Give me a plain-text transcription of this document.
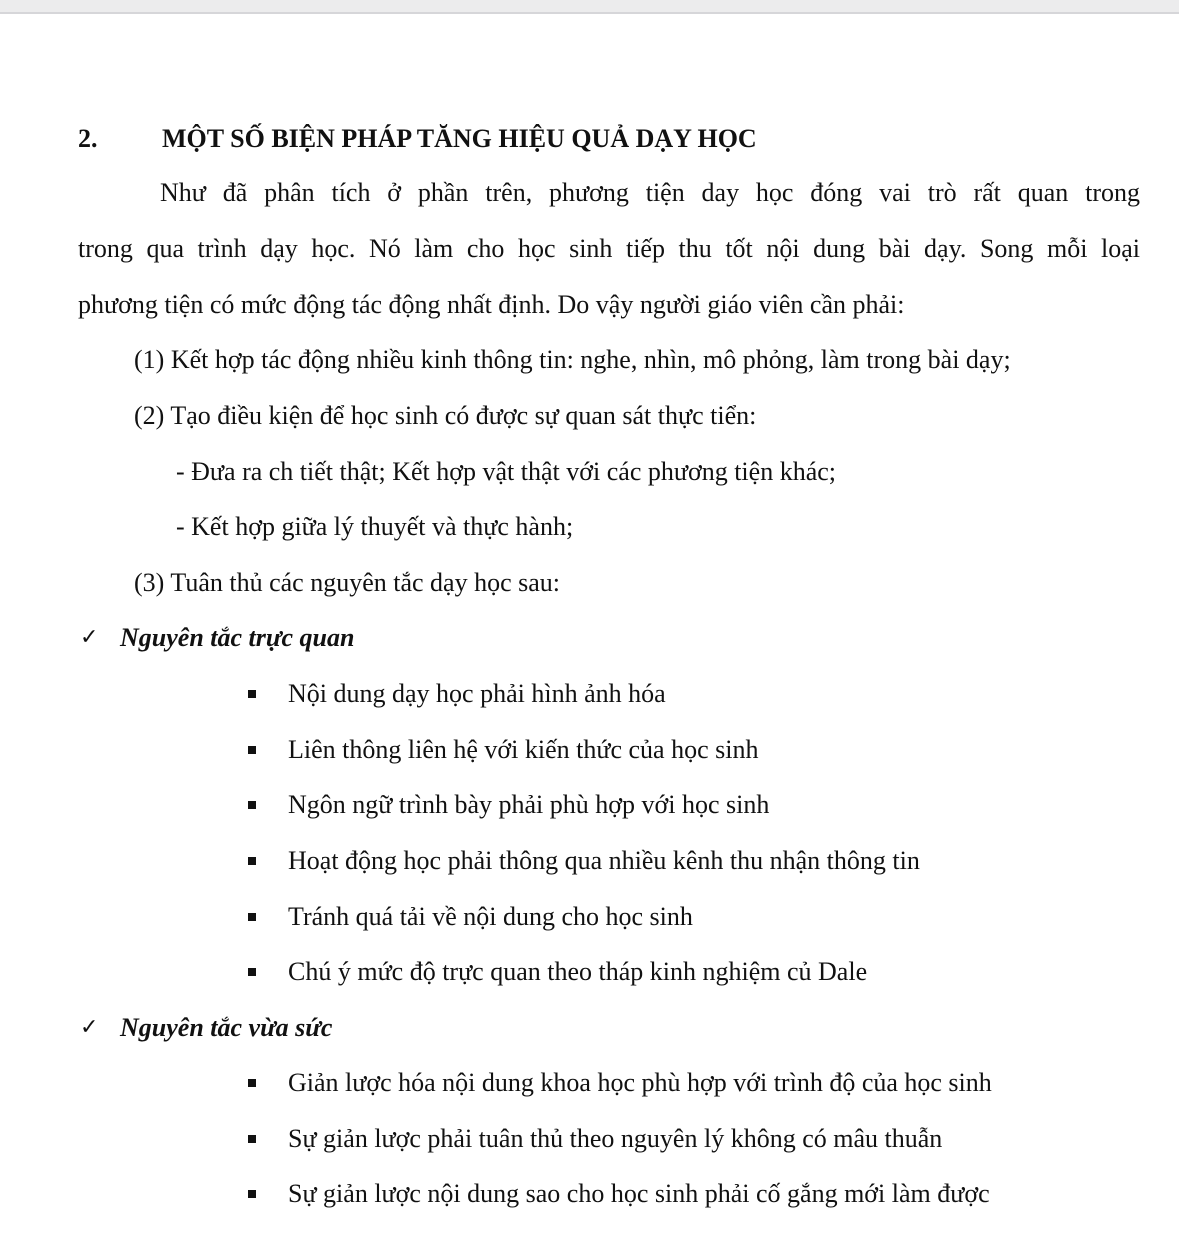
2. MỘT SỐ BIỆN PHÁP TĂNG HIỆU QUẢ DẠY HỌC
Như đã phân tích ở phần trên, phương tiện day học đóng vai trò rất quan trong
trong qua trình dạy học. Nó làm cho học sinh tiếp thu tốt nội dung bài dạy. Song mỗi loại
phương tiện có mức động tác động nhất định. Do vậy người giáo viên cần phải:
(1) Kết hợp tác động nhiều kinh thông tin: nghe, nhìn, mô phỏng, làm trong bài dạy;
(2) Tạo điều kiện để học sinh có được sự quan sát thực tiển:
- Đưa ra ch tiết thật; Kết hợp vật thật với các phương tiện khác;
- Kết hợp giữa lý thuyết và thực hành;
(3) Tuân thủ các nguyên tắc dạy học sau:
✓ Nguyên tắc trực quan
Nội dung dạy học phải hình ảnh hóa
Liên thông liên hệ với kiến thức của học sinh
Ngôn ngữ trình bày phải phù hợp với học sinh
Hoạt động học phải thông qua nhiều kênh thu nhận thông tin
Tránh quá tải về nội dung cho học sinh
Chú ý mức độ trực quan theo tháp kinh nghiệm củ Dale
✓ Nguyên tắc vừa sức
Giản lược hóa nội dung khoa học phù hợp với trình độ của học sinh
Sự giản lược phải tuân thủ theo nguyên lý không có mâu thuẫn
Sự giản lược nội dung sao cho học sinh phải cố gắng mới làm được
